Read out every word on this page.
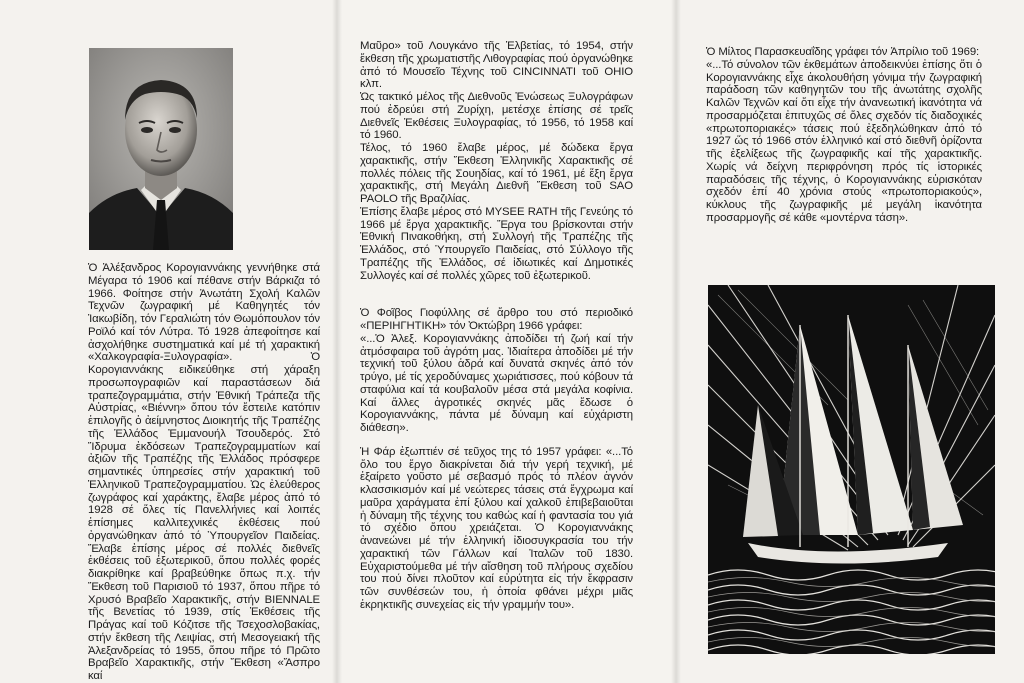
Ὁ Ἀλέξανδρος Κορογιαννάκης γεννήθηκε στά Μέγαρα τό 1906 καί πέθανε στήν Βάρκιζα τό 1966. Φοίτησε στήν Ἀνωτάτη Σχολή Καλῶν Τεχνῶν ζωγραφική μέ Καθηγητές τόν Ἰακωβίδη, τόν Γεραλιώτη τόν Θωμόπουλον τόν Ροϊλό καί τόν Λύτρα. Τό 1928 ἀπεφοίτησε καί ἀσχολήθηκε συστηματικά καί μέ τή χαρακτική «Χαλκογραφία-Ξυλογραφία». Ὁ Κορογιαννάκης ειδικεύθηκε στή χάραξη προσωπογραφιῶν καί παραστάσεων διά τραπεζογραμμάτια, στήν Ἐθνική Τράπεζα τῆς Αὐστρίας, «Βιέννη» ὅπου τόν ἔστειλε κατόπιν ἐπιλογῆς ὁ ἀείμνηστος Διοικητής τῆς Τραπέζης τῆς Ἑλλάδος Ἐμμανουήλ Τσουδερός. Στό Ἵδρυμα ἐκδόσεων Τραπεζογραμματίων καί ἀξιῶν τῆς Τραπέζης τῆς Ἑλλάδος πρόσφερε σημαντικές ὑπηρεσίες στήν χαρακτική τοῦ Ἑλληνικοῦ Τραπεζογραμματίου. Ὡς ἐλεύθερος ζωγράφος καί χαράκτης, ἔλαβε μέρος ἀπό τό 1928 σέ ὅλες τίς Πανελλήνιες καί λοιπές ἐπίσημες καλλιτεχνικές ἐκθέσεις πού ὀργανώθηκαν ἀπό τό Ὑπουργεῖον Παιδείας. Ἔλαβε ἐπίσης μέρος σέ πολλές διεθνεῖς ἐκθέσεις τοῦ ἐξωτερικοῦ, ὅπου πολλές φορές διακρίθηκε καί βραβεύθηκε ὅπως π.χ. τήν Ἔκθεση τοῦ Παρισιοῦ τό 1937, ὅπου πῆρε τό Χρυσό Βραβεῖο Χαρακτικῆς, στήν BIENNALE τῆς Βενετίας τό 1939, στίς Ἐκθέσεις τῆς Πράγας καί τοῦ Κόζιτσε τῆς Τσεχοσλοβακίας, στήν ἔκθεση τῆς Λειψίας, στή Μεσογειακή τῆς Ἀλεξανδρείας τό 1955, ὅπου πῆρε τό Πρῶτο Βραβεῖο Χαρακτικῆς, στήν Ἔκθεση «Ἄσπρο καί

Μαῦρο» τοῦ Λουγκάνο τῆς Ἑλβετίας, τό 1954, στήν ἔκθεση τῆς χρωματιστῆς Λιθογραφίας πού ὀργανώθηκε ἀπό τό Μουσεῖο Τέχνης τοῦ CINCINNATI τοῦ OHIO κλπ.

Ὡς τακτικό μέλος τῆς Διεθνοῦς Ἑνώσεως Ξυλογράφων πού ἑδρεύει στή Ζυρίχη, μετέσχε ἐπίσης σέ τρεῖς Διεθνεῖς Ἐκθέσεις Ξυλογραφίας, τό 1956, τό 1958 καί τό 1960.

Τέλος, τό 1960 ἔλαβε μέρος, μέ δώδεκα ἔργα χαρακτικῆς, στήν Ἔκθεση Ἑλληνικῆς Χαρακτικῆς σέ πολλές πόλεις τῆς Σουηδίας, καί τό 1961, μέ ἕξη ἔργα χαρακτικῆς, στή Μεγάλη Διεθνῆ Ἔκθεση τοῦ SAO PAOLO τῆς Βραζιλίας.

Ἐπίσης ἔλαβε μέρος στό MYSEE RATH τῆς Γενεύης τό 1966 μέ ἔργα χαρακτικῆς. Ἔργα του βρίσκονται στήν Ἐθνική Πινακοθήκη, στή Συλλογή τῆς Τραπέζης τῆς Ἑλλάδος, στό Ὑπουργεῖο Παιδείας, στό Σύλλογο τῆς Τραπέζης τῆς Ἑλλάδος, σέ ἰδιωτικές καί Δημοτικές Συλλογές καί σέ πολλές χῶρες τοῦ ἐξωτερικοῦ.

Ὁ Φοῖβος Γιοφύλλης σέ ἄρθρο του στό περιοδικό «ΠΕΡΙΗΓΗΤΙΚΗ» τόν Ὀκτώβρη 1966 γράφει:

«...Ὁ Ἀλεξ. Κορογιαννάκης ἀποδίδει τή ζωή καί τήν ἀτμόσφαιρα τοῦ ἀγρότη μας. Ἰδιαίτερα ἀποδίδει μέ τήν τεχνική τοῦ ξύλου ἁδρά καί δυνατά σκηνές ἀπό τόν τρύγο, μέ τίς χεροδύναμες χωριάτισσες, πού κόβουν τά σταφύλια καί τά κουβαλοῦν μέσα στά μεγάλα κοφίνια. Καί ἄλλες ἀγροτικές σκηνές μᾶς ἔδωσε ὁ Κορογιαννάκης, πάντα μέ δύναμη καί εὐχάριστη διάθεση».

Ἡ Φάρ ἐξωπτιέν σέ τεῦχος της τό 1957 γράφει: «...Τό ὅλο του ἔργο διακρίνεται διά τήν γερή τεχνική, μέ ἐξαίρετο γοῦστο μέ σεβασμό πρός τό πλέον ἁγνόν κλασσικισμόν καί μέ νεώτερες τάσεις στά ἔγχρωμα καί μαῦρα χαράγματα ἐπί ξύλου καί χαλκοῦ ἐπιβεβαιοῦται ἡ δύναμη τῆς τέχνης του καθώς καί ἡ φαντασία του γιά τό σχέδιο ὅπου χρειάζεται. Ὁ Κορογιαννάκης ἀνανεώνει μέ τήν ἑλληνική ἰδιοσυγκρασία του τήν χαρακτική τῶν Γάλλων καί Ἰταλῶν τοῦ 1830. Εὐχαριστούμεθα μέ τήν αἴσθηση τοῦ πλήρους σχεδίου του πού δίνει πλοῦτον καί εὐρύτητα εἰς τήν ἔκφρασιν τῶν συνθέσεών του, ἡ ὁποία φθάνει μέχρι μιᾶς ἐκρηκτικῆς συνεχείας εἰς τήν γραμμήν του».

Ὁ Μίλτος Παρασκευαΐδης γράφει τόν Ἀπρίλιο τοῦ 1969:

«...Τό σύνολον τῶν ἐκθεμάτων ἀποδεικνύει ἐπίσης ὅτι ὁ Κορογιαννάκης εἶχε ἀκολουθήση γόνιμα τήν ζωγραφική παράδοση τῶν καθηγητῶν του τῆς ἀνωτάτης σχολῆς Καλῶν Τεχνῶν καί ὅτι εἶχε τήν ἀνανεωτική ἱκανότητα νά προσαρμόζεται ἐπιτυχῶς σέ ὅλες σχεδόν τίς διαδοχικές «πρωτοποριακές» τάσεις πού ἐξεδηλώθηκαν ἀπό τό 1927 ὥς τό 1966 στόν ἑλληνικό καί στό διεθνῆ ὁρίζοντα τῆς ἐξελίξεως τῆς ζωγραφικῆς καί τῆς χαρακτικῆς. Χωρίς νά δείχνη περιφρόνηση πρός τίς ἱστορικές παραδόσεις τῆς τέχνης, ὁ Κορογιαννάκης εὑρισκόταν σχεδόν ἐπί 40 χρόνια στούς «πρωτοποριακούς», κύκλους τῆς ζωγραφικῆς μέ μεγάλη ἱκανότητα προσαρμογῆς σέ κάθε «μοντέρνα τάση».
